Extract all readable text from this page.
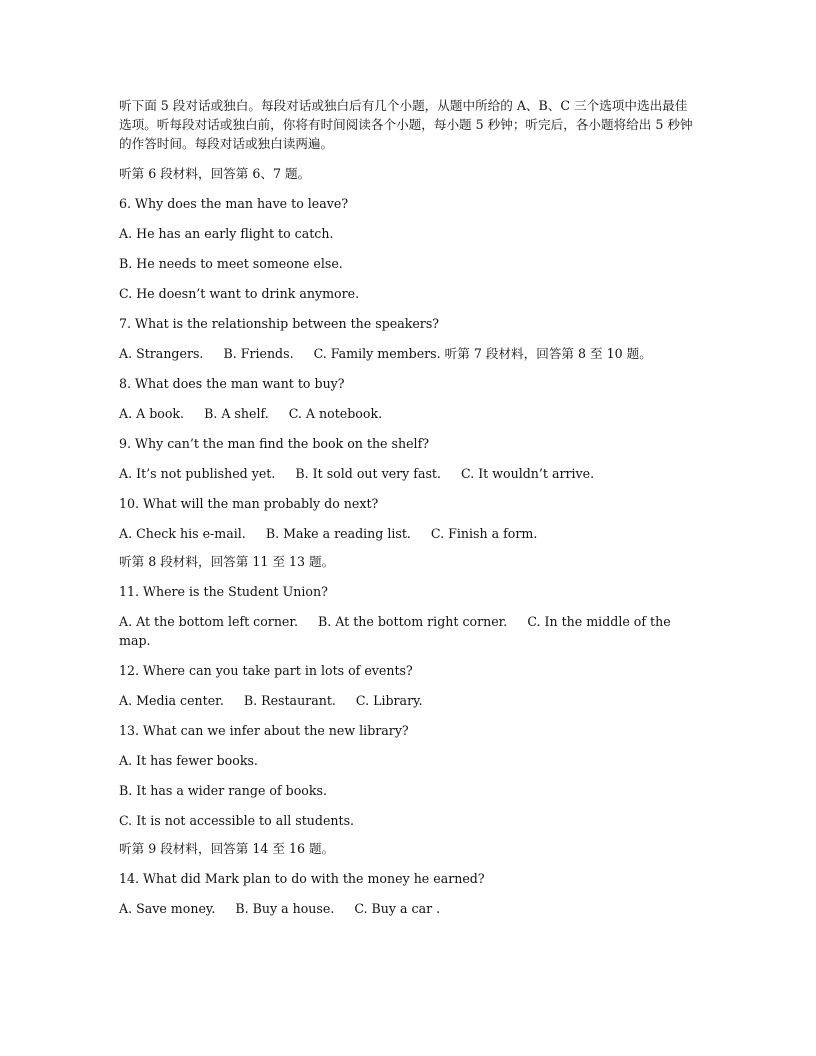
听下面 5 段对话或独白。每段对话或独白后有几个小题，从题中所给的 A、B、C 三个选项中选出最佳选项。听每段对话或独白前，你将有时间阅读各个小题，每小题 5 秒钟；听完后，各小题将给出 5 秒钟的作答时间。每段对话或独白读两遍。

听第 6 段材料，回答第 6、7 题。

6. Why does the man have to leave?

A. He has an early flight to catch.

B. He needs to meet someone else.

C. He doesn’t want to drink anymore.

7. What is the relationship between the speakers?

A. Strangers.     B. Friends.     C. Family members. 听第 7 段材料，回答第 8 至 10 题。

8. What does the man want to buy?

A. A book.     B. A shelf.     C. A notebook.

9. Why can’t the man find the book on the shelf?

A. It’s not published yet.     B. It sold out very fast.     C. It wouldn’t arrive.

10. What will the man probably do next?

A. Check his e-mail.     B. Make a reading list.     C. Finish a form.

听第 8 段材料，回答第 11 至 13 题。

11. Where is the Student Union?

A. At the bottom left corner.     B. At the bottom right corner.     C. In the middle of the map.

12. Where can you take part in lots of events?

A. Media center.     B. Restaurant.     C. Library.

13. What can we infer about the new library?

A. It has fewer books.

B. It has a wider range of books.

C. It is not accessible to all students.

听第 9 段材料，回答第 14 至 16 题。

14. What did Mark plan to do with the money he earned?

A. Save money.     B. Buy a house.     C. Buy a car .
